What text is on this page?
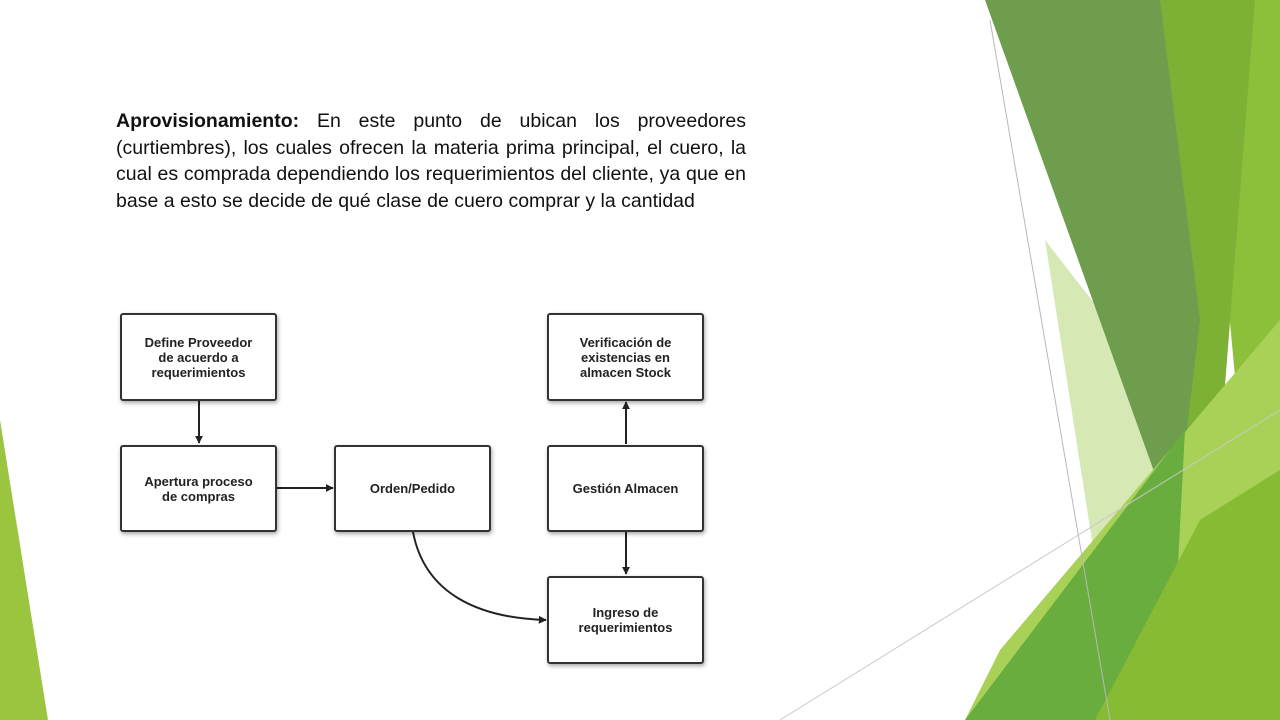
Aprovisionamiento: En este punto de ubican los proveedores (curtiembres), los cuales ofrecen la materia prima principal, el cuero, la cual es comprada dependiendo los requerimientos del cliente, ya que en base a esto se decide de qué clase de cuero comprar y la cantidad
Define Proveedor
de acuerdo a
requerimientos
Apertura proceso
de compras	Orden/Pedido
Verificación de
existencias en
almacen Stock
Gestión Almacen
Ingreso de
requerimientos
